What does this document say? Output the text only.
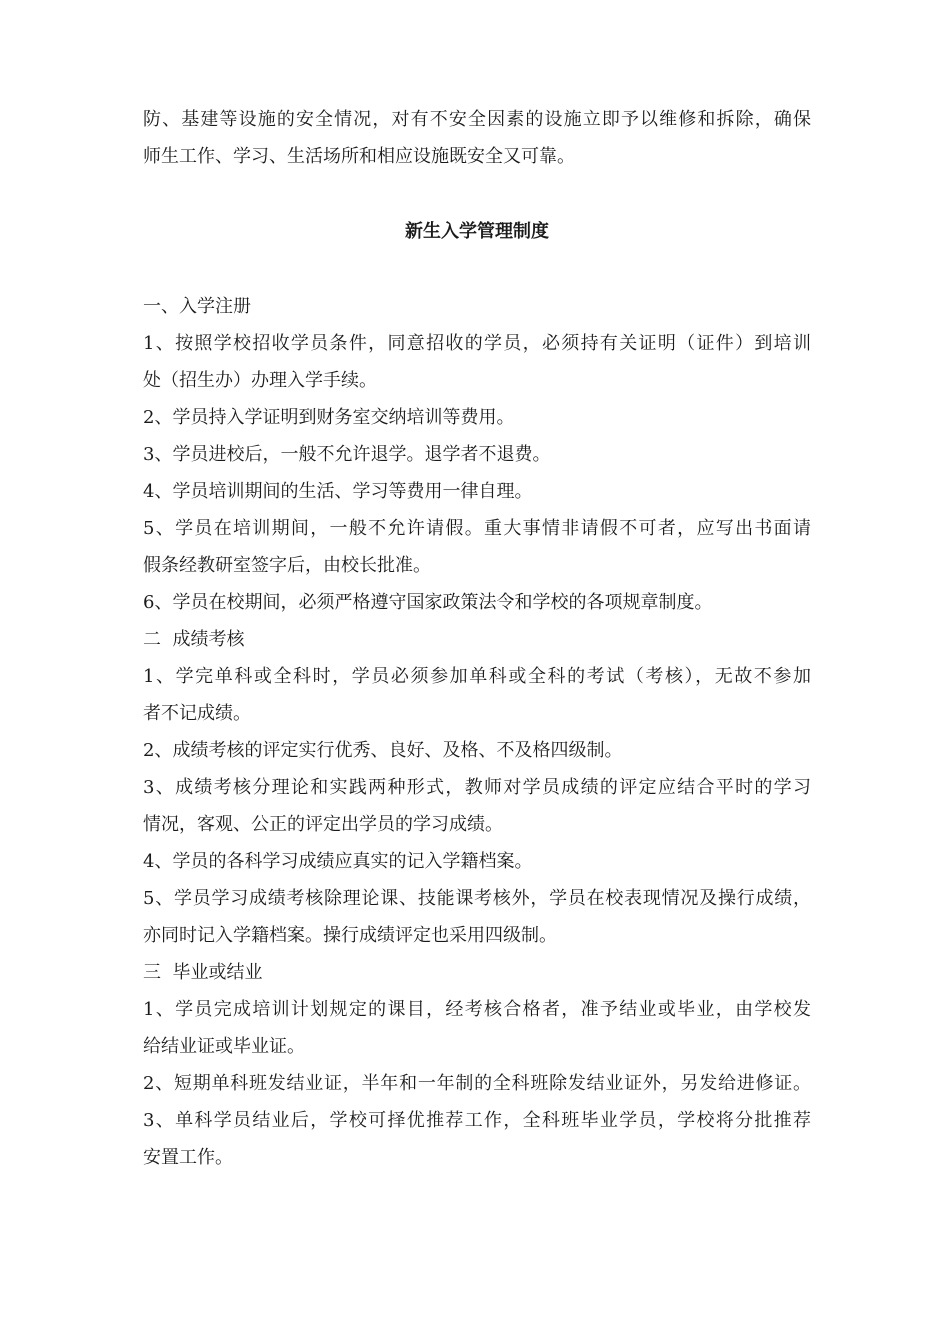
防、基建等设施的安全情况，对有不安全因素的设施立即予以维修和拆除，确保

师生工作、学习、生活场所和相应设施既安全又可靠。

新生入学管理制度

一、入学注册

1、按照学校招收学员条件，同意招收的学员，必须持有关证明（证件）到培训

处（招生办）办理入学手续。

2、学员持入学证明到财务室交纳培训等费用。

3、学员进校后，一般不允许退学。退学者不退费。

4、学员培训期间的生活、学习等费用一律自理。

5、学员在培训期间，一般不允许请假。重大事情非请假不可者，应写出书面请

假条经教研室签字后，由校长批准。

6、学员在校期间，必须严格遵守国家政策法令和学校的各项规章制度。

二  成绩考核

1、学完单科或全科时，学员必须参加单科或全科的考试（考核），无故不参加

者不记成绩。

2、成绩考核的评定实行优秀、良好、及格、不及格四级制。

3、成绩考核分理论和实践两种形式，教师对学员成绩的评定应结合平时的学习

情况，客观、公正的评定出学员的学习成绩。

4、学员的各科学习成绩应真实的记入学籍档案。

5、学员学习成绩考核除理论课、技能课考核外，学员在校表现情况及操行成绩，

亦同时记入学籍档案。操行成绩评定也采用四级制。

三  毕业或结业

1、学员完成培训计划规定的课目，经考核合格者，准予结业或毕业，由学校发

给结业证或毕业证。

2、短期单科班发结业证，半年和一年制的全科班除发结业证外，另发给进修证。

3、单科学员结业后，学校可择优推荐工作，全科班毕业学员，学校将分批推荐

安置工作。
